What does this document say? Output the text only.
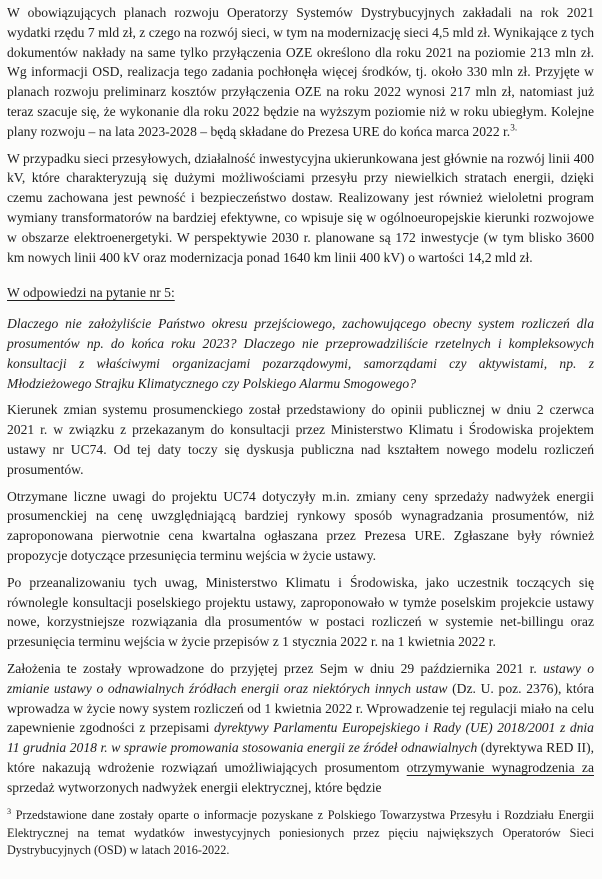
W obowiązujących planach rozwoju Operatorzy Systemów Dystrybucyjnych zakładali na rok 2021 wydatki rzędu 7 mld zł, z czego na rozwój sieci, w tym na modernizację sieci 4,5 mld zł. Wynikające z tych dokumentów nakłady na same tylko przyłączenia OZE określono dla roku 2021 na poziomie 213 mln zł. Wg informacji OSD, realizacja tego zadania pochłonęła więcej środków, tj. około 330 mln zł. Przyjęte w planach rozwoju preliminarz kosztów przyłączenia OZE na roku 2022 wynosi 217 mln zł, natomiast już teraz szacuje się, że wykonanie dla roku 2022 będzie na wyższym poziomie niż w roku ubiegłym. Kolejne plany rozwoju – na lata 2023-2028 – będą składane do Prezesa URE do końca marca 2022 r.$^{3.}$

W przypadku sieci przesyłowych, działalność inwestycyjna ukierunkowana jest głównie na rozwój linii 400 kV, które charakteryzują się dużymi możliwościami przesyłu przy niewielkich stratach energii, dzięki czemu zachowana jest pewność i bezpieczeństwo dostaw. Realizowany jest również wieloletni program wymiany transformatorów na bardziej efektywne, co wpisuje się w ogólnoeuropejskie kierunki rozwojowe w obszarze elektroenergetyki. W perspektywie 2030 r. planowane są 172 inwestycje (w tym blisko 3600 km nowych linii 400 kV oraz modernizacja ponad 1640 km linii 400 kV) o wartości 14,2 mld zł.

W odpowiedzi na pytanie nr 5:

Dlaczego nie założyliście Państwo okresu przejściowego, zachowującego obecny system rozliczeń dla prosumentów np. do końca roku 2023? Dlaczego nie przeprowadziliście rzetelnych i kompleksowych konsultacji z właściwymi organizacjami pozarządowymi, samorządami czy aktywistami, np. z Młodzieżowego Strajku Klimatycznego czy Polskiego Alarmu Smogowego?

Kierunek zmian systemu prosumenckiego został przedstawiony do opinii publicznej w dniu 2 czerwca 2021 r. w związku z przekazanym do konsultacji przez Ministerstwo Klimatu i Środowiska projektem ustawy nr UC74. Od tej daty toczy się dyskusja publiczna nad kształtem nowego modelu rozliczeń prosumentów.

Otrzymane liczne uwagi do projektu UC74 dotyczyły m.in. zmiany ceny sprzedaży nadwyżek energii prosumenckiej na cenę uwzględniającą bardziej rynkowy sposób wynagradzania prosumentów, niż zaproponowana pierwotnie cena kwartalna ogłaszana przez Prezesa URE. Zgłaszane były również propozycje dotyczące przesunięcia terminu wejścia w życie ustawy.

Po przeanalizowaniu tych uwag, Ministerstwo Klimatu i Środowiska, jako uczestnik toczących się równolegle konsultacji poselskiego projektu ustawy, zaproponowało w tymże poselskim projekcie ustawy nowe, korzystniejsze rozwiązania dla prosumentów w postaci rozliczeń w systemie net-billingu oraz przesunięcia terminu wejścia w życie przepisów z 1 stycznia 2022 r. na 1 kwietnia 2022 r.

Założenia te zostały wprowadzone do przyjętej przez Sejm w dniu 29 października 2021 r. ustawy o zmianie ustawy o odnawialnych źródłach energii oraz niektórych innych ustaw (Dz. U. poz. 2376), która wprowadza w życie nowy system rozliczeń od 1 kwietnia 2022 r. Wprowadzenie tej regulacji miało na celu zapewnienie zgodności z przepisami dyrektywy Parlamentu Europejskiego i Rady (UE) 2018/2001 z dnia 11 grudnia 2018 r. w sprawie promowania stosowania energii ze źródeł odnawialnych (dyrektywa RED II), które nakazują wdrożenie rozwiązań umożliwiających prosumentom otrzymywanie wynagrodzenia za sprzedaż wytworzonych nadwyżek energii elektrycznej, które będzie

$^3$ Przedstawione dane zostały oparte o informacje pozyskane z Polskiego Towarzystwa Przesyłu i Rozdziału Energii Elektrycznej na temat wydatków inwestycyjnych poniesionych przez pięciu największych Operatorów Sieci Dystrybucyjnych (OSD) w latach 2016-2022.
